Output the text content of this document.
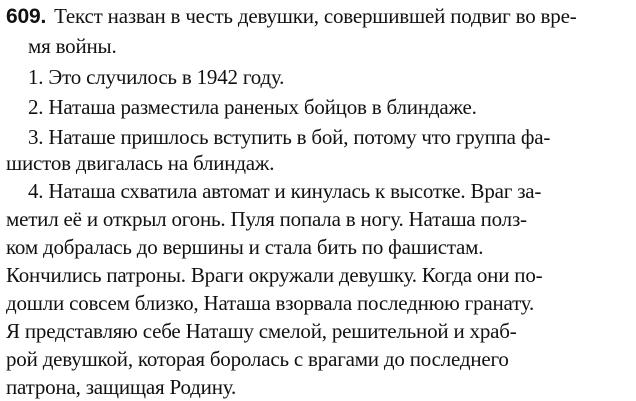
609. Текст назван в честь девушки, совершившей подвиг во вре-
мя войны.
1. Это случилось в 1942 году.
2. Наташа разместила раненых бойцов в блиндаже.
3. Наташе пришлось вступить в бой, потому что группа фа-
шистов двигалась на блиндаж.
4. Наташа схватила автомат и кинулась к высотке. Враг за-
метил её и открыл огонь. Пуля попала в ногу. Наташа полз-
ком добралась до вершины и стала бить по фашистам.
Кончились патроны. Враги окружали девушку. Когда они по-
дошли совсем близко, Наташа взорвала последнюю гранату.
Я представляю себе Наташу смелой, решительной и храб-
рой девушкой, которая боролась с врагами до последнего
патрона, защищая Родину.
